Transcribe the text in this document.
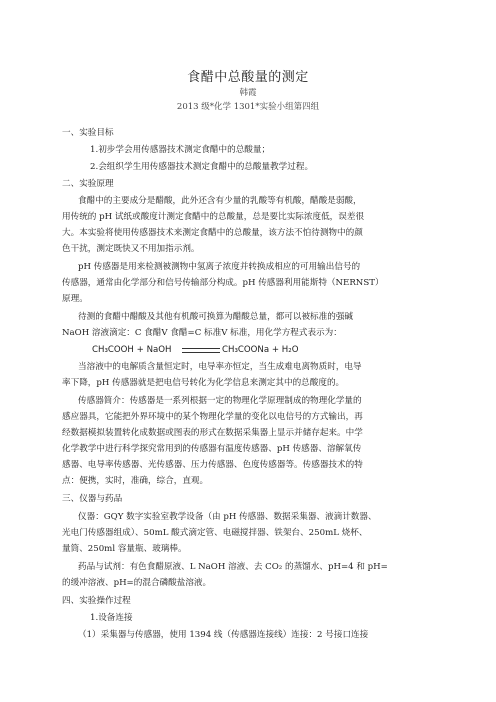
食醋中总酸量的测定
韩霞
2013 级*化学 1301*实验小组第四组
一、实验目标
1.初步学会用传感器技术测定食醋中的总酸量；
2.会组织学生用传感器技术测定食醋中的总酸量教学过程。
二、实验原理
食醋中的主要成分是醋酸，此外还含有少量的乳酸等有机酸，醋酸是弱酸，
用传统的 pH 试纸或酸度计测定食醋中的总酸量，总是要比实际浓度低，误差很
大。本实验将使用传感器技术来测定食醋中的总酸量，该方法不怕待测物中的颜
色干扰，测定既快又不用加指示剂。
pH 传感器是用来检测被测物中氢离子浓度并转换成相应的可用输出信号的
传感器，通常由化学部分和信号传输部分构成。pH 传感器利用能斯特（NERNST）
原理。
待测的食醋中醋酸及其他有机酸可换算为醋酸总量，都可以被标准的强碱
NaOH 溶液滴定：C 食醋V 食醋=C 标准V 标准，用化学方程式表示为：
CH₃COOH + NaOH	CH₃COONa + H₂O
当溶液中的电解质含量恒定时，电导率亦恒定，当生成难电离物质时，电导
率下降，pH 传感器就是把电信号转化为化学信息来测定其中的总酸度的。
传感器简介：传感器是一系列根据一定的物理化学原理制成的物理化学量的
感应器具，它能把外界环境中的某个物理化学量的变化以电信号的方式输出，再
经数据模拟装置转化成数据或图表的形式在数据采集器上显示并储存起来。中学
化学教学中进行科学探究常用到的传感器有温度传感器、pH 传感器、溶解氧传
感器、电导率传感器、光传感器、压力传感器、色度传感器等。传感器技术的特
点：便携，实时，准确，综合，直观。
三、仪器与药品
仪器：GQY 数字实验室教学设备（由 pH 传感器、数据采集器、液滴计数器、
光电门传感器组成）、50mL 酸式滴定管、电磁搅拌器、铁架台、250mL 烧杯、
量筒、250ml 容量瓶、玻璃棒。
药品与试剂：有色食醋原液、L NaOH 溶液、去 CO₂ 的蒸馏水、pH=4 和 pH=
的缓冲溶液、pH=的混合磷酸盐溶液。
四、实验操作过程
1.设备连接
（1）采集器与传感器，使用 1394 线（传感器连接线）连接：2 号接口连接
